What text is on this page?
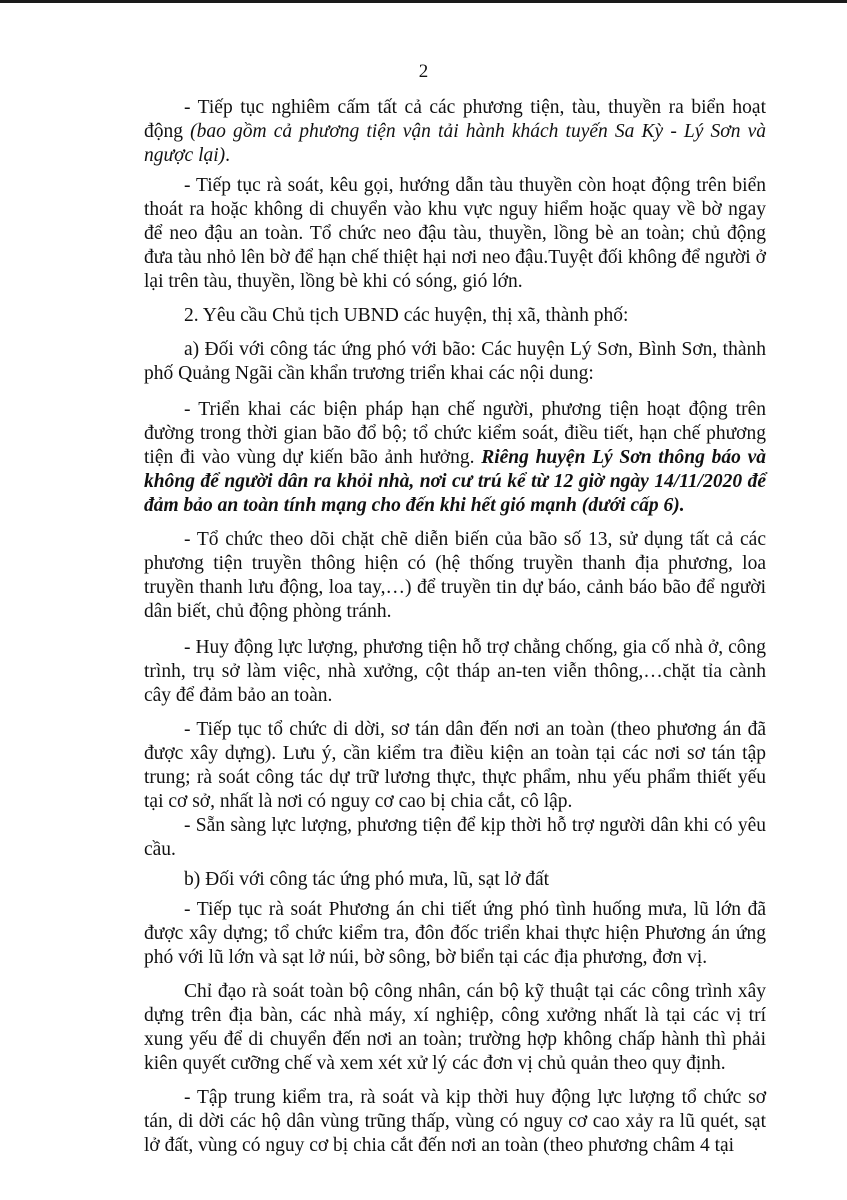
2

- Tiếp tục nghiêm cấm tất cả các phương tiện, tàu, thuyền ra biển hoạt động (bao gồm cả phương tiện vận tải hành khách tuyến Sa Kỳ - Lý Sơn và ngược lại).

- Tiếp tục rà soát, kêu gọi, hướng dẫn tàu thuyền còn hoạt động trên biển thoát ra hoặc không di chuyển vào khu vực nguy hiểm hoặc quay về bờ ngay để neo đậu an toàn. Tổ chức neo đậu tàu, thuyền, lồng bè an toàn; chủ động đưa tàu nhỏ lên bờ để hạn chế thiệt hại nơi neo đậu.Tuyệt đối không để người ở lại trên tàu, thuyền, lồng bè khi có sóng, gió lớn.

2. Yêu cầu Chủ tịch UBND các huyện, thị xã, thành phố:

a) Đối với công tác ứng phó với bão: Các huyện Lý Sơn, Bình Sơn, thành phố Quảng Ngãi cần khẩn trương triển khai các nội dung:

- Triển khai các biện pháp hạn chế người, phương tiện hoạt động trên đường trong thời gian bão đổ bộ; tổ chức kiểm soát, điều tiết, hạn chế phương tiện đi vào vùng dự kiến bão ảnh hưởng. Riêng huyện Lý Sơn thông báo và không để người dân ra khỏi nhà, nơi cư trú kể từ 12 giờ ngày 14/11/2020 để đảm bảo an toàn tính mạng cho đến khi hết gió mạnh (dưới cấp 6).

- Tổ chức theo dõi chặt chẽ diễn biến của bão số 13, sử dụng tất cả các phương tiện truyền thông hiện có (hệ thống truyền thanh địa phương, loa truyền thanh lưu động, loa tay,…) để truyền tin dự báo, cảnh báo bão để người dân biết, chủ động phòng tránh.

- Huy động lực lượng, phương tiện hỗ trợ chằng chống, gia cố nhà ở, công trình, trụ sở làm việc, nhà xưởng, cột tháp an-ten viễn thông,…chặt tỉa cành cây để đảm bảo an toàn.

- Tiếp tục tổ chức di dời, sơ tán dân đến nơi an toàn (theo phương án đã được xây dựng). Lưu ý, cần kiểm tra điều kiện an toàn tại các nơi sơ tán tập trung; rà soát công tác dự trữ lương thực, thực phẩm, nhu yếu phẩm thiết yếu tại cơ sở, nhất là nơi có nguy cơ cao bị chia cắt, cô lập.

- Sẵn sàng lực lượng, phương tiện để kịp thời hỗ trợ người dân khi có yêu cầu.

b) Đối với công tác ứng phó mưa, lũ, sạt lở đất

- Tiếp tục rà soát Phương án chi tiết ứng phó tình huống mưa, lũ lớn đã được xây dựng; tổ chức kiểm tra, đôn đốc triển khai thực hiện Phương án ứng phó với lũ lớn và sạt lở núi, bờ sông, bờ biển tại các địa phương, đơn vị.

Chỉ đạo rà soát toàn bộ công nhân, cán bộ kỹ thuật tại các công trình xây dựng trên địa bàn, các nhà máy, xí nghiệp, công xưởng nhất là tại các vị trí xung yếu để di chuyển đến nơi an toàn; trường hợp không chấp hành thì phải kiên quyết cưỡng chế và xem xét xử lý các đơn vị chủ quản theo quy định.

- Tập trung kiểm tra, rà soát và kịp thời huy động lực lượng tổ chức sơ tán, di dời các hộ dân vùng trũng thấp, vùng có nguy cơ cao xảy ra lũ quét, sạt lở đất, vùng có nguy cơ bị chia cắt đến nơi an toàn (theo phương châm 4 tại
